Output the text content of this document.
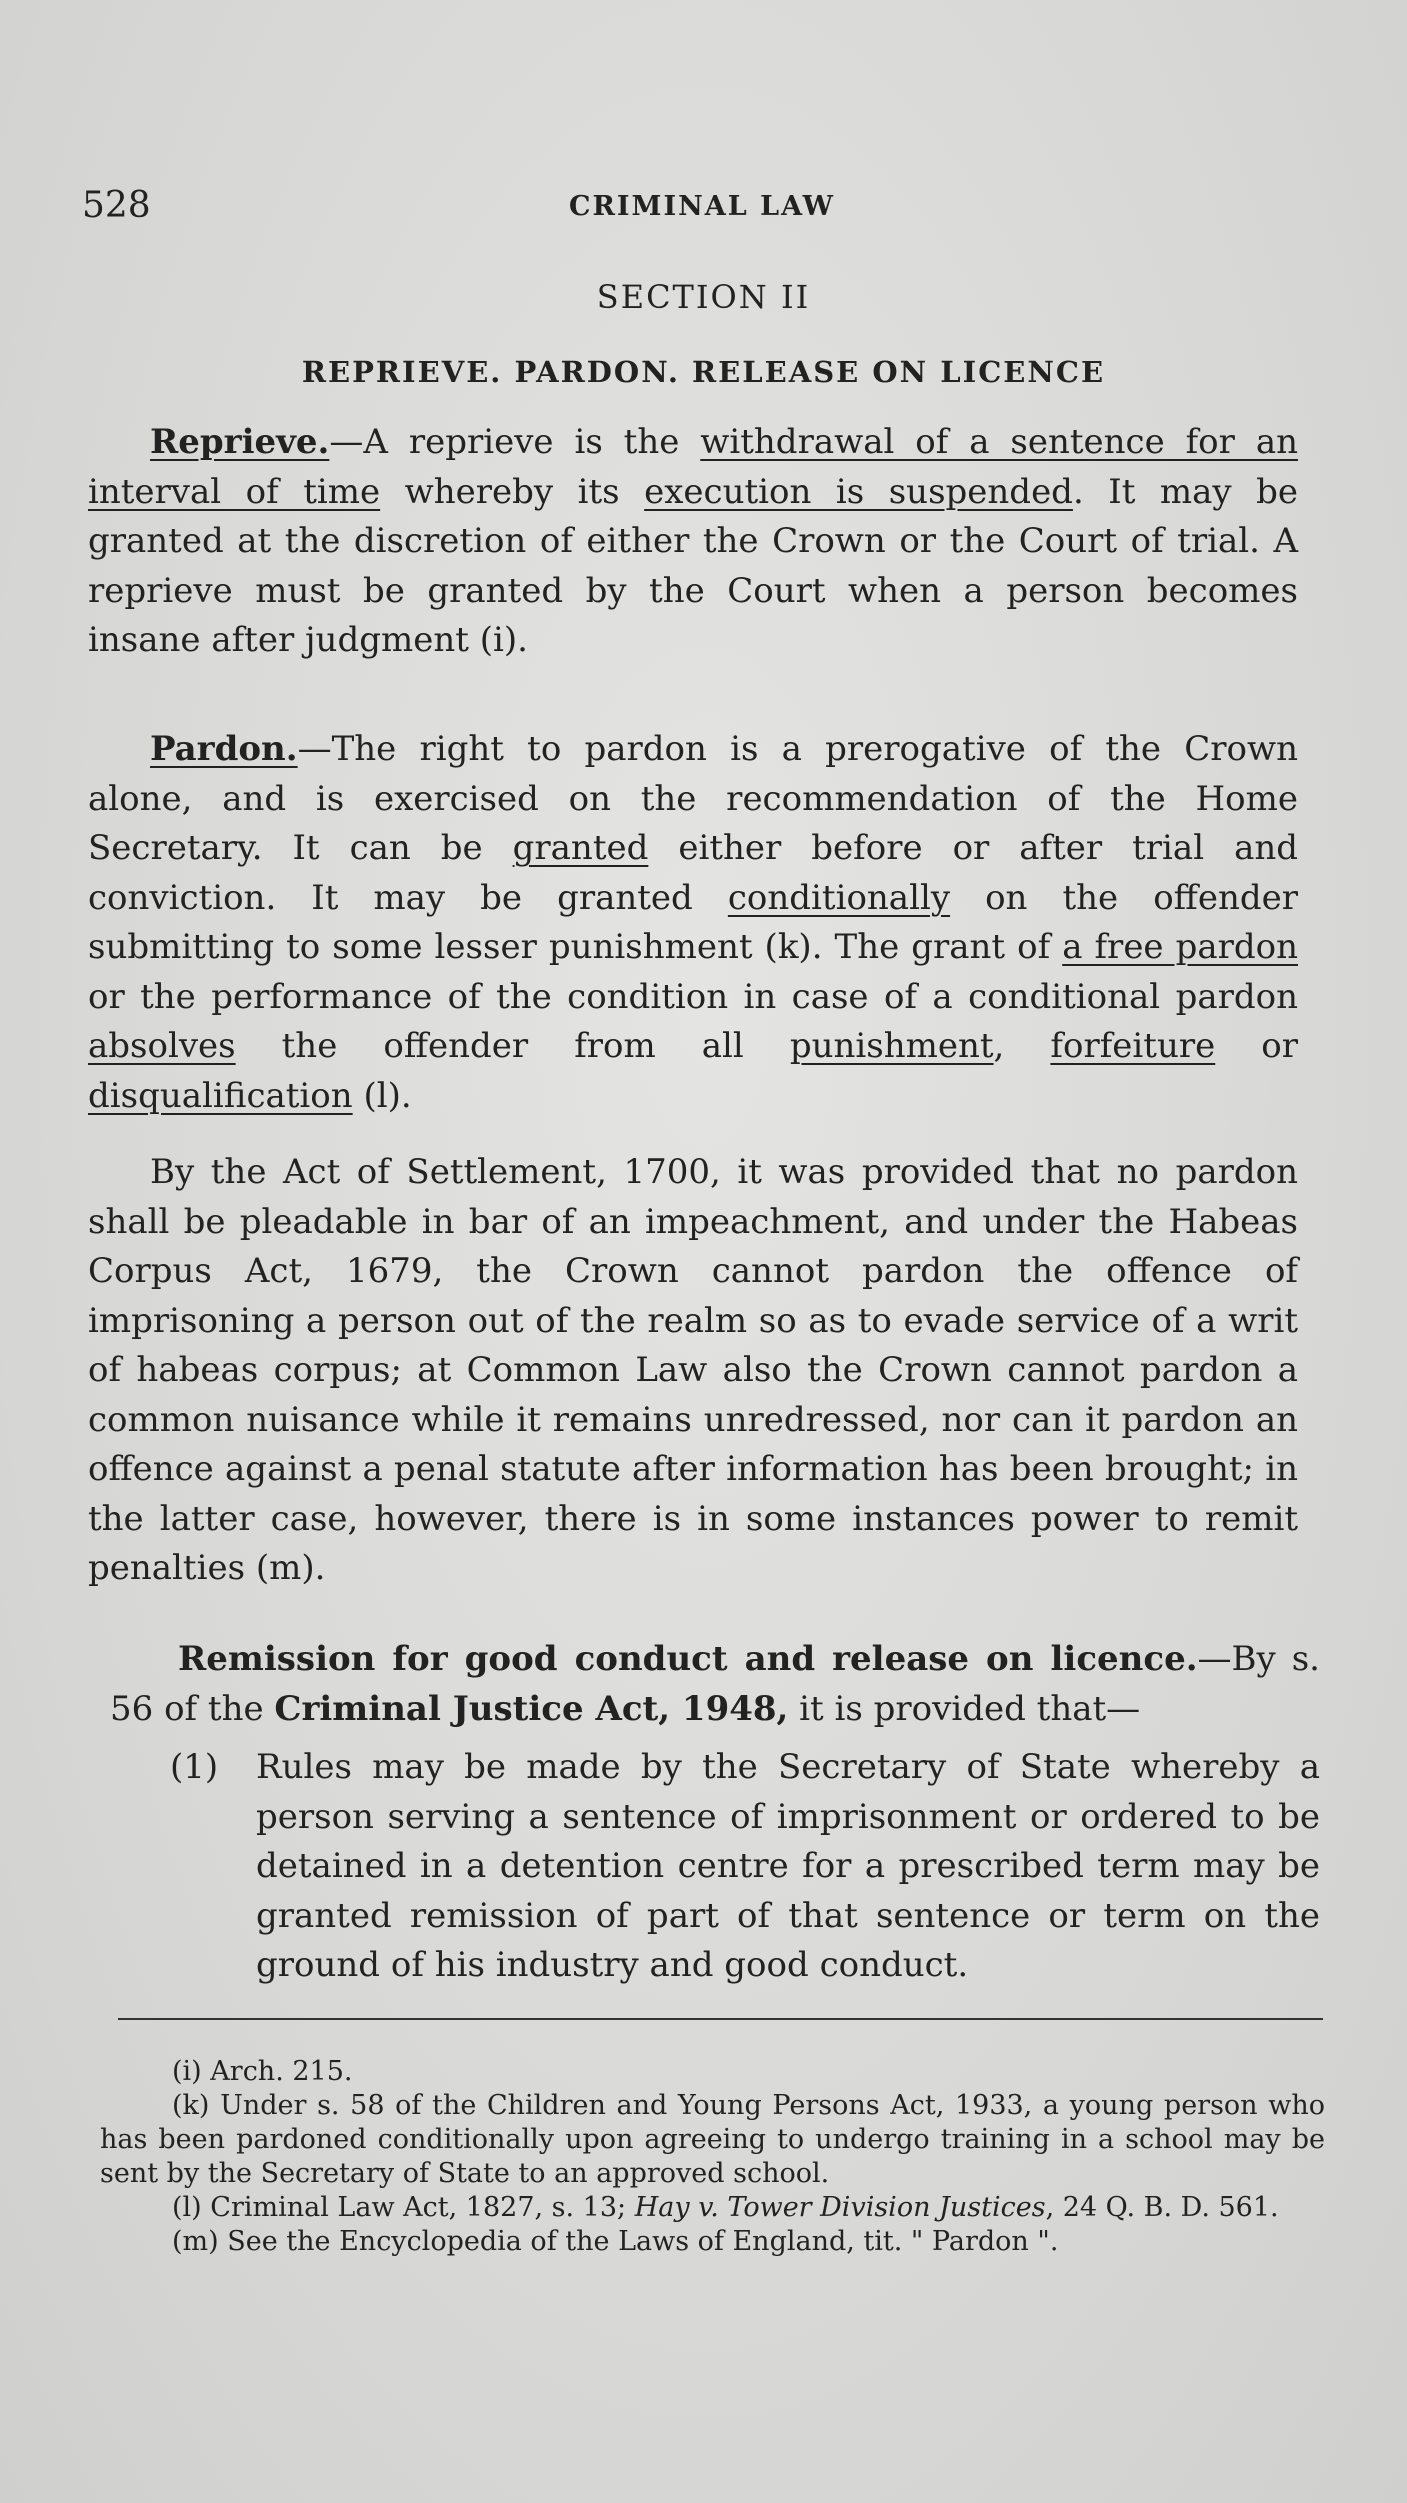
528	CRIMINAL LAW
SECTION II
REPRIEVE. PARDON. RELEASE ON LICENCE

Reprieve.—A reprieve is the withdrawal of a sentence for an interval of time whereby its execution is suspended. It may be granted at the discretion of either the Crown or the Court of trial. A reprieve must be granted by the Court when a person becomes insane after judgment (i).

Pardon.—The right to pardon is a prerogative of the Crown alone, and is exercised on the recommendation of the Home Secretary. It can be granted either before or after trial and conviction. It may be granted conditionally on the offender submitting to some lesser punishment (k). The grant of a free pardon or the performance of the condition in case of a conditional pardon absolves the offender from all punishment, forfeiture or disqualification (l).

By the Act of Settlement, 1700, it was provided that no pardon shall be pleadable in bar of an impeachment, and under the Habeas Corpus Act, 1679, the Crown cannot pardon the offence of imprisoning a person out of the realm so as to evade service of a writ of habeas corpus; at Common Law also the Crown cannot pardon a common nuisance while it remains unredressed, nor can it pardon an offence against a penal statute after information has been brought; in the latter case, however, there is in some instances power to remit penalties (m).

Remission for good conduct and release on licence.—By s. 56 of the Criminal Justice Act, 1948, it is provided that—

(1) Rules may be made by the Secretary of State whereby a person serving a sentence of imprisonment or ordered to be detained in a detention centre for a prescribed term may be granted remission of part of that sentence or term on the ground of his industry and good conduct.

(i) Arch. 215.

(k) Under s. 58 of the Children and Young Persons Act, 1933, a young person who has been pardoned conditionally upon agreeing to undergo training in a school may be sent by the Secretary of State to an approved school.

(l) Criminal Law Act, 1827, s. 13; Hay v. Tower Division Justices, 24 Q. B. D. 561.

(m) See the Encyclopedia of the Laws of England, tit. " Pardon ".
